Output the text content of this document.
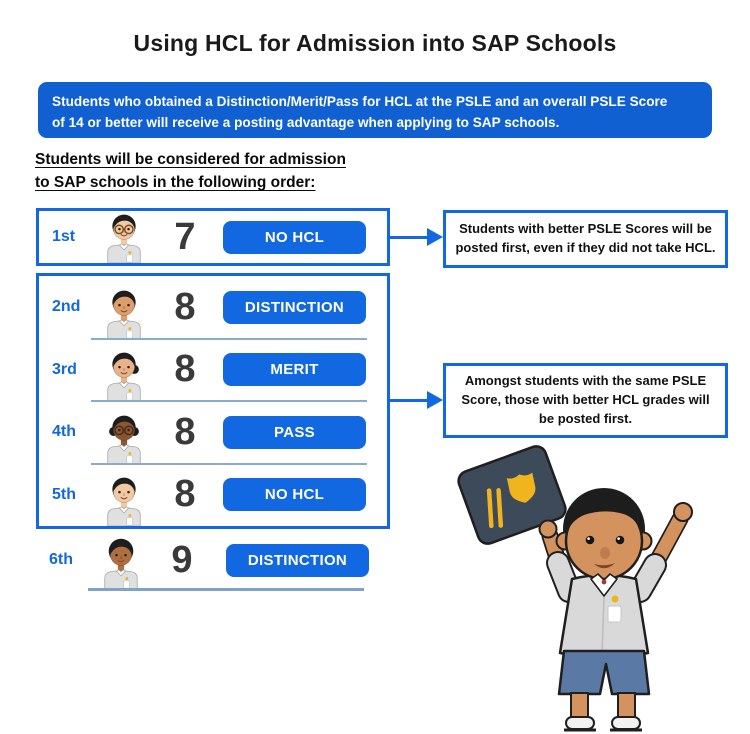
Using HCL for Admission into SAP Schools
Students who obtained a Distinction/Merit/Pass for HCL at the PSLE and an overall PSLE Score
of 14 or better will receive a posting advantage when applying to SAP schools.
Students will be considered for admission
to SAP schools in the following order:
1st	7	NO HCL
2nd	8	DISTINCTION
3rd	8	MERIT
4th	8	PASS
5th	8	NO HCL
6th	9	DISTINCTION
Students with better PSLE Scores will be posted first, even if they did not take HCL.
Amongst students with the same PSLE Score, those with better HCL grades will be posted first.
